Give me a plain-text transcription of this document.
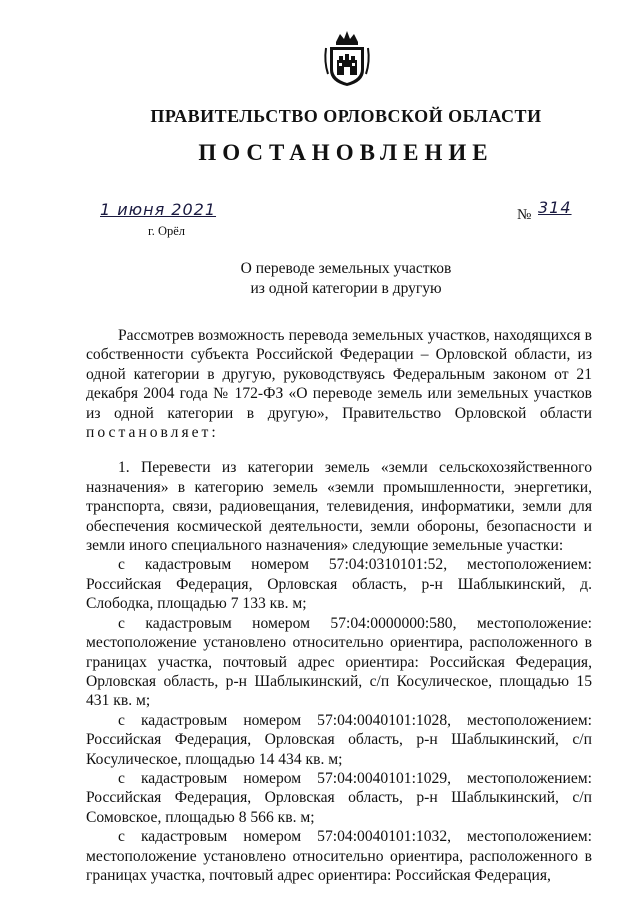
ПРАВИТЕЛЬСТВО ОРЛОВСКОЙ ОБЛАСТИ
ПОСТАНОВЛЕНИЕ
1 июня 2021	№ 314
г. Орёл
О переводе земельных участков
из одной категории в другую

Рассмотрев возможность перевода земельных участков, находящихся в собственности субъекта Российской Федерации – Орловской области, из одной категории в другую, руководствуясь Федеральным законом от 21 декабря 2004 года № 172-ФЗ «О переводе земель или земельных участков из одной категории в другую», Правительство Орловской области постановляет:

1. Перевести из категории земель «земли сельскохозяйственного назначения» в категорию земель «земли промышленности, энергетики, транспорта, связи, радиовещания, телевидения, информатики, земли для обеспечения космической деятельности, земли обороны, безопасности и земли иного специального назначения» следующие земельные участки:

с кадастровым номером 57:04:0310101:52, местоположением: Российская Федерация, Орловская область, р-н Шаблыкинский, д. Слободка, площадью 7 133 кв. м;

с кадастровым номером 57:04:0000000:580, местоположение: местоположение установлено относительно ориентира, расположенного в границах участка, почтовый адрес ориентира: Российская Федерация, Орловская область, р-н Шаблыкинский, с/п Косулическое, площадью 15 431 кв. м;

с кадастровым номером 57:04:0040101:1028, местоположением: Российская Федерация, Орловская область, р-н Шаблыкинский, с/п Косулическое, площадью 14 434 кв. м;

с кадастровым номером 57:04:0040101:1029, местоположением: Российская Федерация, Орловская область, р-н Шаблыкинский, с/п Сомовское, площадью 8 566 кв. м;

с кадастровым номером 57:04:0040101:1032, местоположением: местоположение установлено относительно ориентира, расположенного в границах участка, почтовый адрес ориентира: Российская Федерация,
